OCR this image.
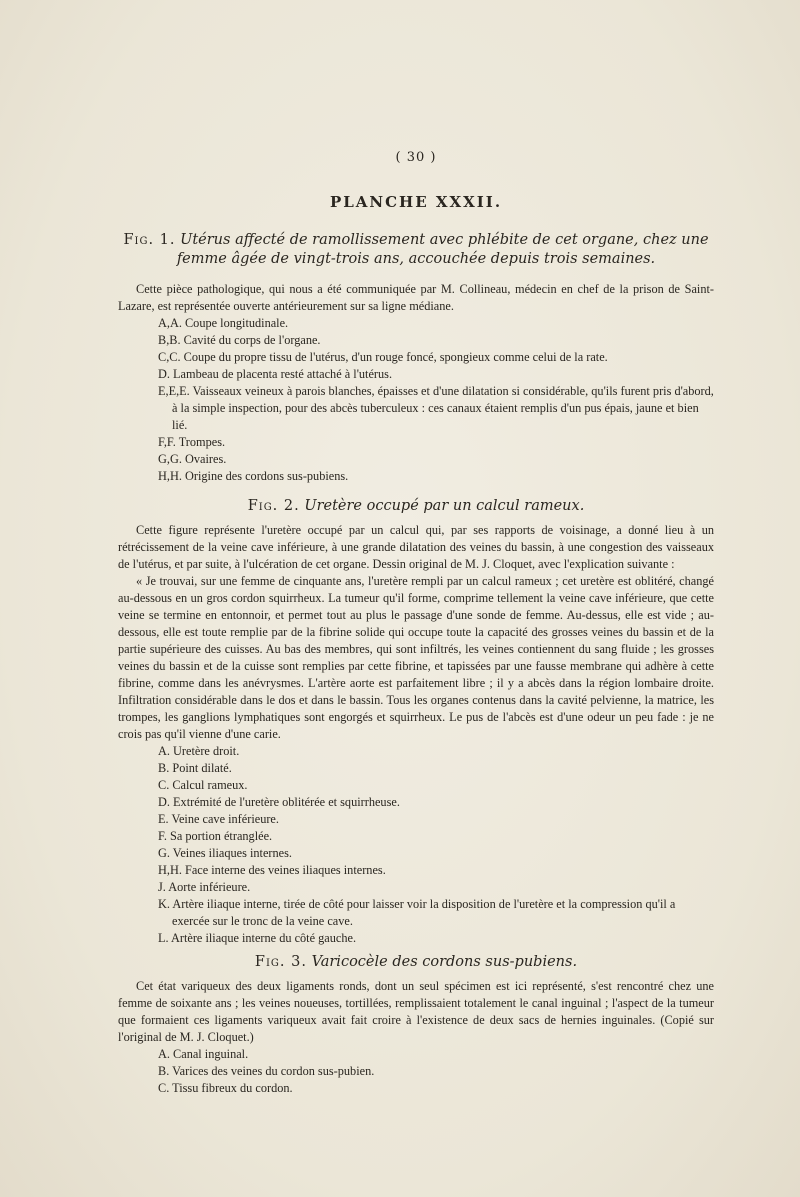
( 30 )
PLANCHE XXXII.
Fig. 1. Utérus affecté de ramollissement avec phlébite de cet organe, chez une femme âgée de vingt-trois ans, accouchée depuis trois semaines.

Cette pièce pathologique, qui nous a été communiquée par M. Collineau, médecin en chef de la prison de Saint-Lazare, est représentée ouverte antérieurement sur sa ligne médiane.

A,A. Coupe longitudinale.
B,B. Cavité du corps de l'organe.
C,C. Coupe du propre tissu de l'utérus, d'un rouge foncé, spongieux comme celui de la rate.
D. Lambeau de placenta resté attaché à l'utérus.
E,E,E. Vaisseaux veineux à parois blanches, épaisses et d'une dilatation si considérable, qu'ils furent pris d'abord, à la simple inspection, pour des abcès tuberculeux : ces canaux étaient remplis d'un pus épais, jaune et bien lié.
F,F. Trompes.
G,G. Ovaires.
H,H. Origine des cordons sus-pubiens.
Fig. 2. Uretère occupé par un calcul rameux.

Cette figure représente l'uretère occupé par un calcul qui, par ses rapports de voisinage, a donné lieu à un rétrécissement de la veine cave inférieure, à une grande dilatation des veines du bassin, à une congestion des vaisseaux de l'utérus, et par suite, à l'ulcération de cet organe. Dessin original de M. J. Cloquet, avec l'explication suivante :

« Je trouvai, sur une femme de cinquante ans, l'uretère rempli par un calcul rameux ; cet uretère est oblitéré, changé au-dessous en un gros cordon squirrheux. La tumeur qu'il forme, comprime tellement la veine cave inférieure, que cette veine se termine en entonnoir, et permet tout au plus le passage d'une sonde de femme. Au-dessus, elle est vide ; au-dessous, elle est toute remplie par de la fibrine solide qui occupe toute la capacité des grosses veines du bassin et de la partie supérieure des cuisses. Au bas des membres, qui sont infiltrés, les veines contiennent du sang fluide ; les grosses veines du bassin et de la cuisse sont remplies par cette fibrine, et tapissées par une fausse membrane qui adhère à cette fibrine, comme dans les anévrysmes. L'artère aorte est parfaitement libre ; il y a abcès dans la région lombaire droite. Infiltration considérable dans le dos et dans le bassin. Tous les organes contenus dans la cavité pelvienne, la matrice, les trompes, les ganglions lymphatiques sont engorgés et squirrheux. Le pus de l'abcès est d'une odeur un peu fade : je ne crois pas qu'il vienne d'une carie.

A. Uretère droit.
B. Point dilaté.
C. Calcul rameux.
D. Extrémité de l'uretère oblitérée et squirrheuse.
E. Veine cave inférieure.
F. Sa portion étranglée.
G. Veines iliaques internes.
H,H. Face interne des veines iliaques internes.
J. Aorte inférieure.
K. Artère iliaque interne, tirée de côté pour laisser voir la disposition de l'uretère et la compression qu'il a exercée sur le tronc de la veine cave.
L. Artère iliaque interne du côté gauche.
Fig. 3. Varicocèle des cordons sus-pubiens.

Cet état variqueux des deux ligaments ronds, dont un seul spécimen est ici représenté, s'est rencontré chez une femme de soixante ans ; les veines noueuses, tortillées, remplissaient totalement le canal inguinal ; l'aspect de la tumeur que formaient ces ligaments variqueux avait fait croire à l'existence de deux sacs de hernies inguinales. (Copié sur l'original de M. J. Cloquet.)

A. Canal inguinal.
B. Varices des veines du cordon sus-pubien.
C. Tissu fibreux du cordon.
